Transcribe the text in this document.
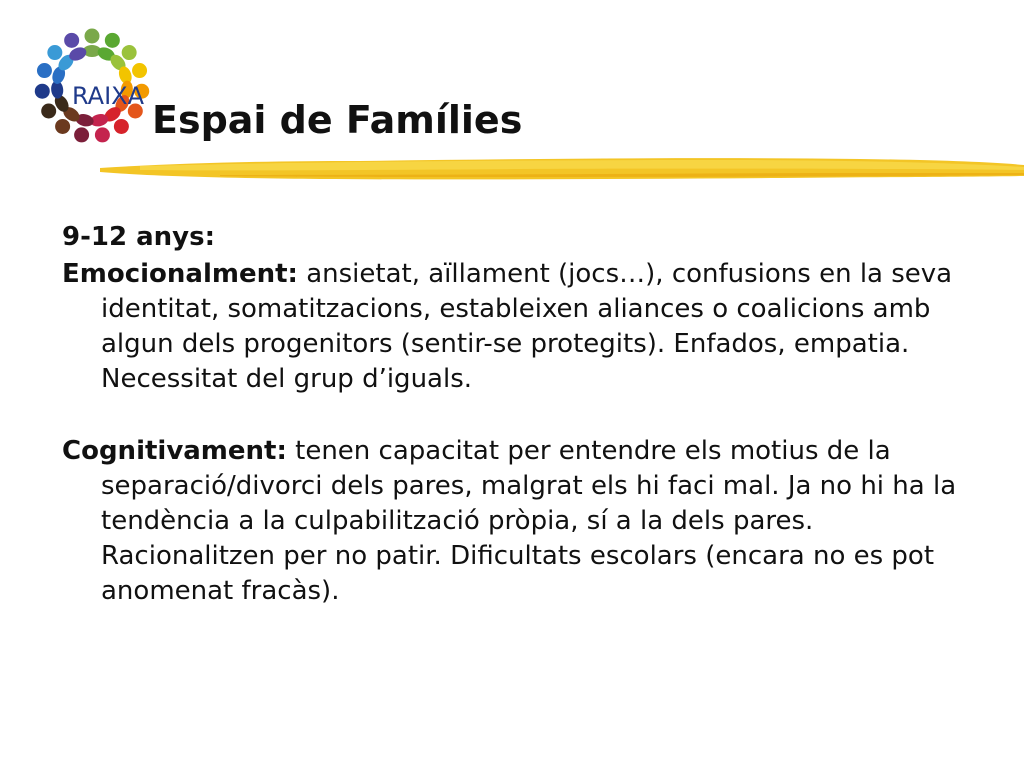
RAIXA
Espai de Famílies

9-12 anys:

Emocionalment: ansietat, aïllament (jocs…), confusions en la seva identitat, somatitzacions, estableixen aliances o coalicions amb algun dels progenitors (sentir-se protegits). Enfados, empatia. Necessitat del grup d’iguals.

Cognitivament: tenen capacitat per entendre els motius de la separació/divorci dels pares, malgrat els hi faci mal. Ja no hi ha la tendència a la culpabilització pròpia, sí a la dels pares. Racionalitzen per no patir. Dificultats escolars (encara no es pot anomenat fracàs).
